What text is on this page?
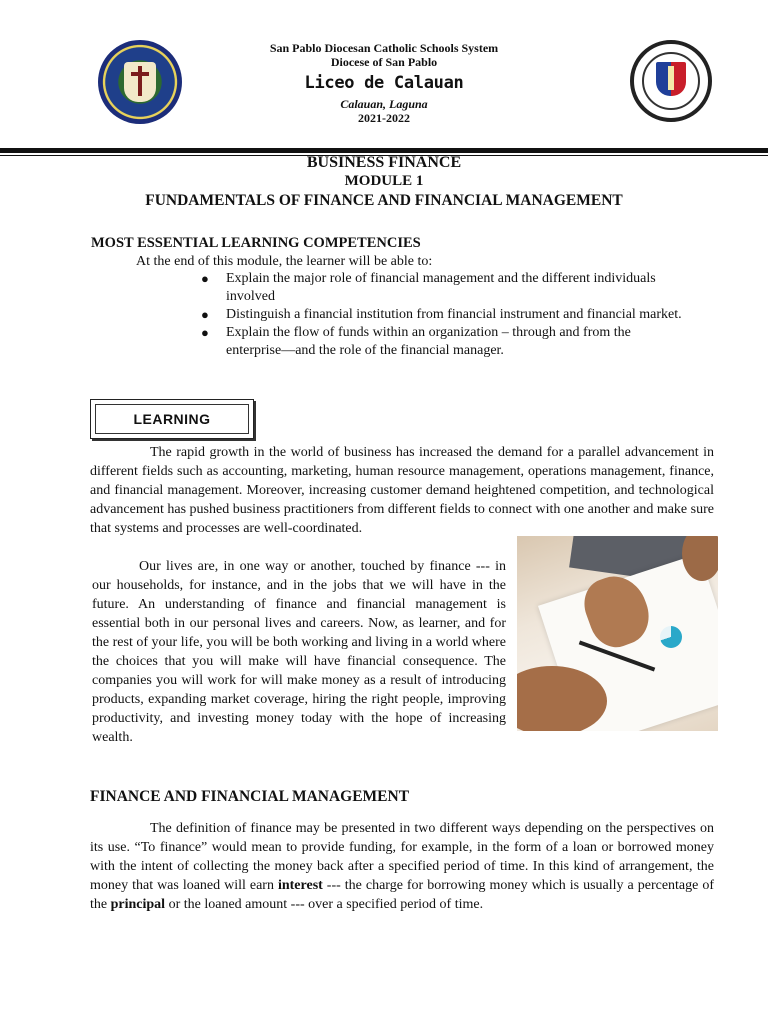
San Pablo Diocesan Catholic Schools System
Diocese of San Pablo
Liceo de Calauan
Calauan, Laguna
2021-2022
BUSINESS FINANCE
MODULE 1
FUNDAMENTALS OF FINANCE AND FINANCIAL MANAGEMENT
MOST ESSENTIAL LEARNING COMPETENCIES
At the end of this module, the learner will be able to:
● Explain the major role of financial management and the different individuals involved
● Distinguish a financial institution from financial instrument and financial market.
● Explain the flow of funds within an organization – through and from the enterprise—and the role of the financial manager.
LEARNING
The rapid growth in the world of business has increased the demand for a parallel advancement in different fields such as accounting, marketing, human resource management, operations management, finance, and financial management. Moreover, increasing customer demand heightened competition, and technological advancement has pushed business practitioners from different fields to connect with one another and make sure that systems and processes are well-coordinated.
Our lives are, in one way or another, touched by finance --- in our households, for instance, and in the jobs that we will have in the future. An understanding of finance and financial management is essential both in our personal lives and careers. Now, as learner, and for the rest of your life, you will be both working and living in a world where the choices that you will make will have financial consequence. The companies you will work for will make money as a result of introducing products, expanding market coverage, hiring the right people, improving productivity, and investing money today with the hope of increasing wealth.
FINANCE AND FINANCIAL MANAGEMENT
The definition of finance may be presented in two different ways depending on the perspectives on its use. “To finance” would mean to provide funding, for example, in the form of a loan or borrowed money with the intent of collecting the money back after a specified period of time. In this kind of arrangement, the money that was loaned will earn interest --- the charge for borrowing money which is usually a percentage of the principal or the loaned amount --- over a specified period of time.
